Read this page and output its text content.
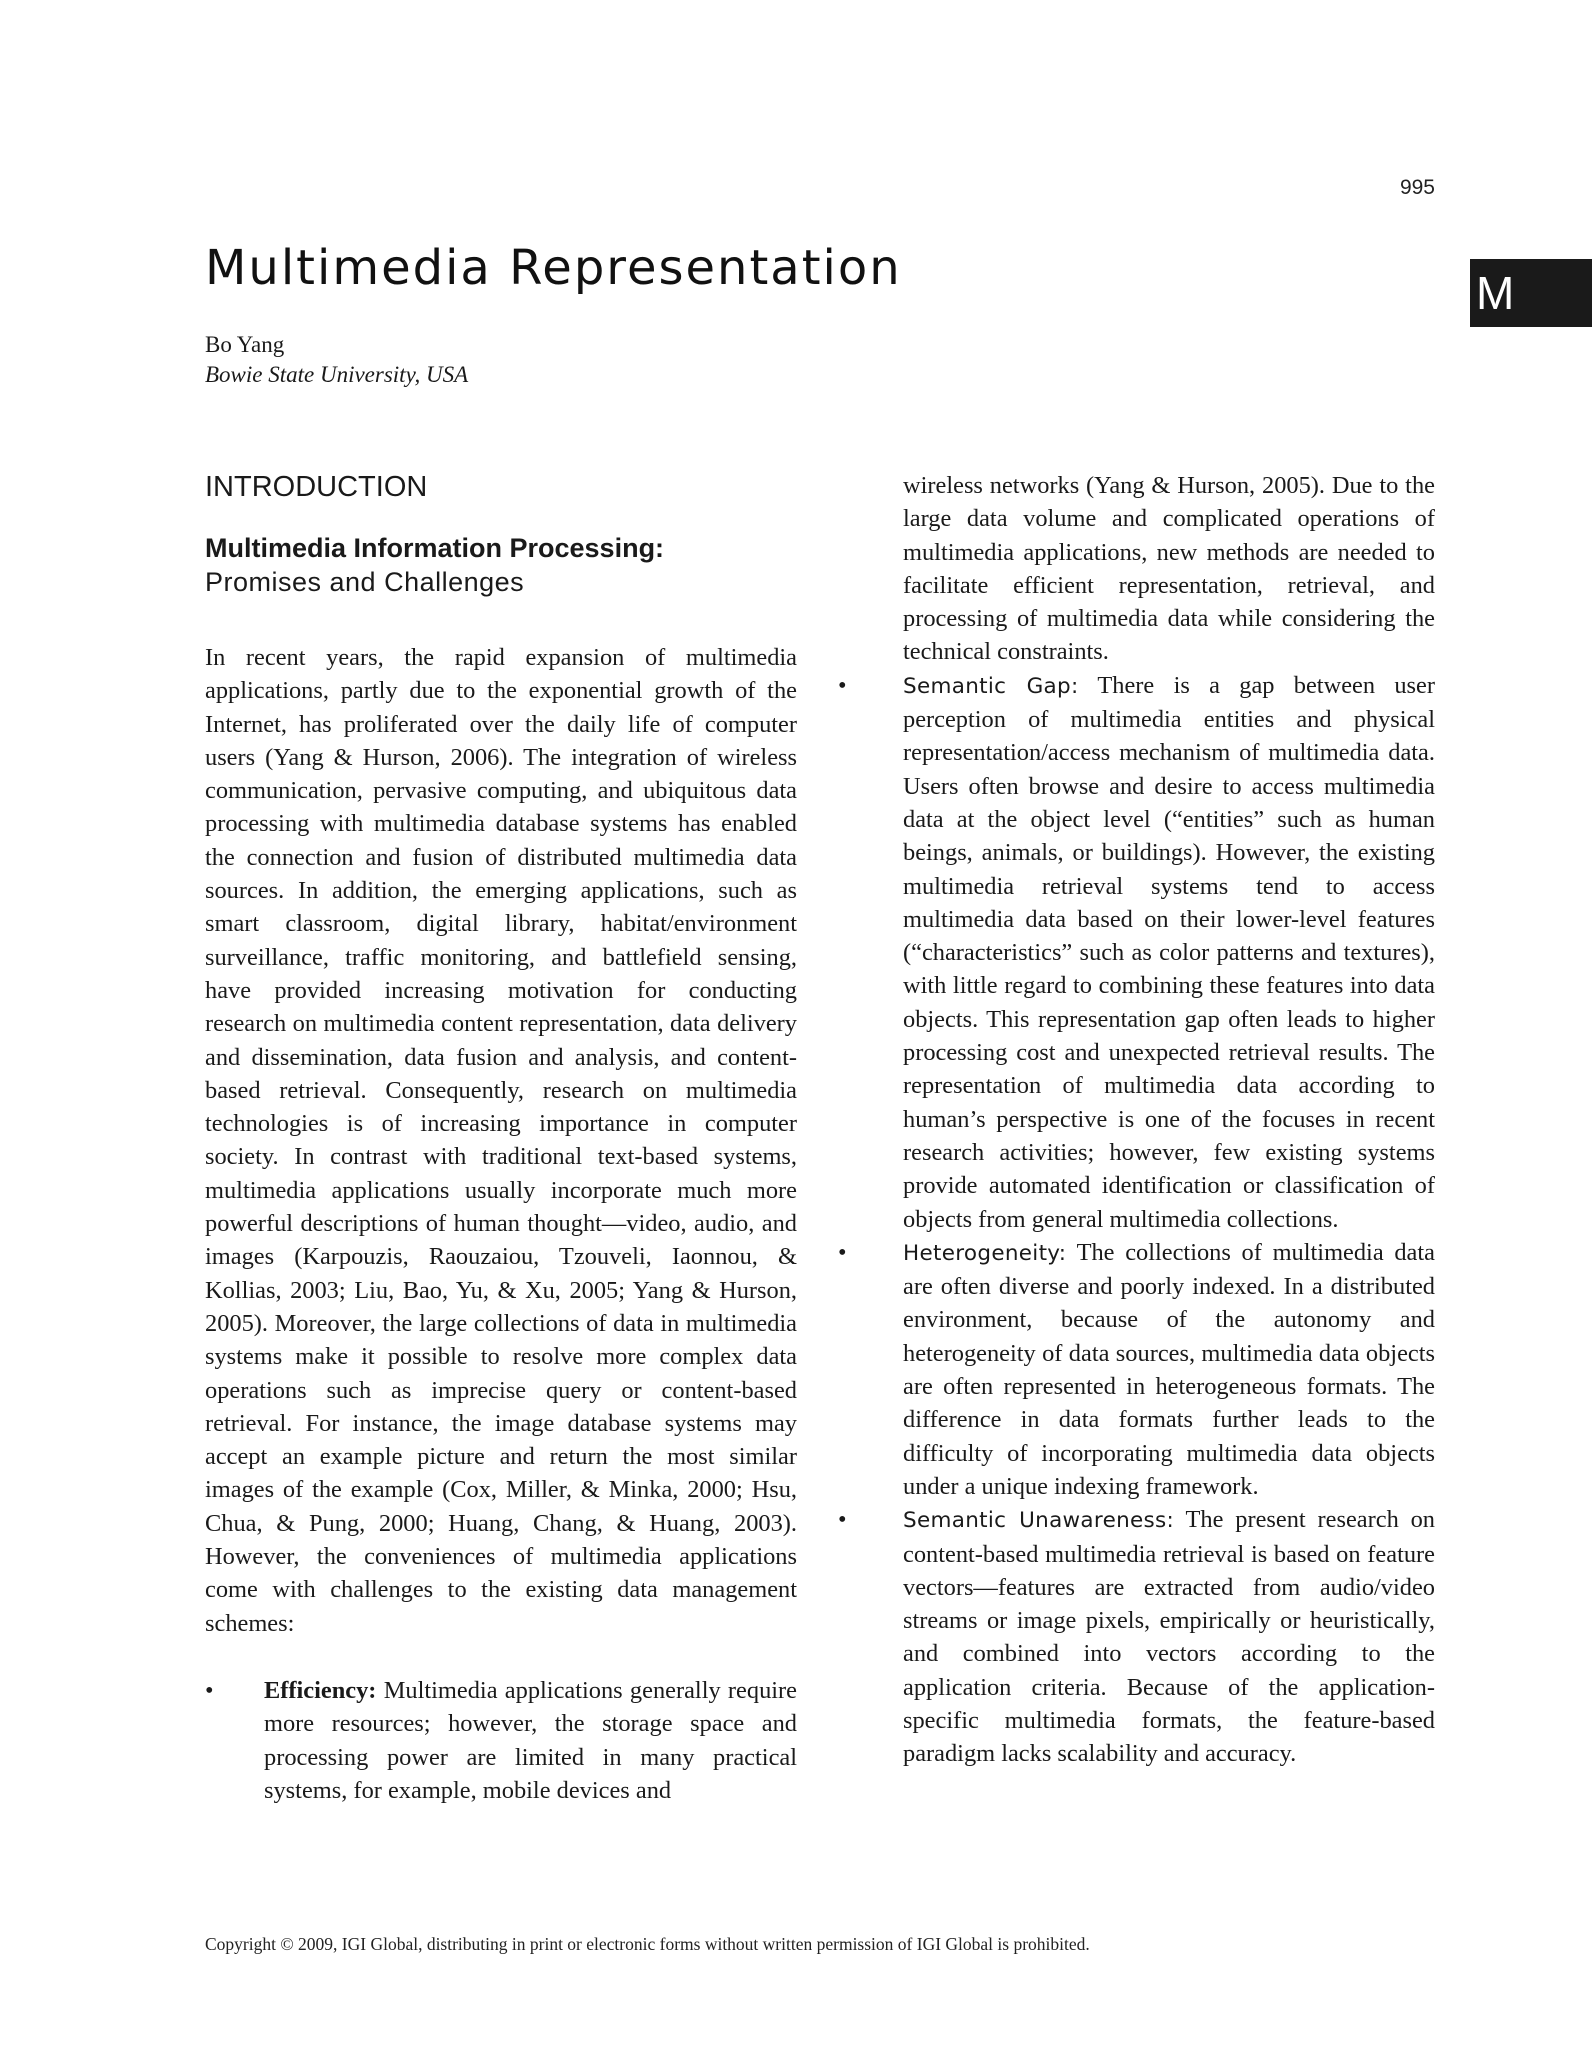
995
M
Multimedia Representation
Bo Yang
Bowie State University, USA
INTRODUCTION
Multimedia Information Processing:
Promises and Challenges

In recent years, the rapid expansion of multimedia applications, partly due to the exponential growth of the Internet, has proliferated over the daily life of computer users (Yang & Hurson, 2006). The integration of wireless communication, pervasive computing, and ubiquitous data processing with multimedia database systems has enabled the connection and fusion of distributed multimedia data sources. In addition, the emerging applications, such as smart classroom, digital library, habitat/environment surveillance, traffic monitoring, and battlefield sensing, have provided increasing motivation for conducting research on multimedia content representation, data delivery and dissemination, data fusion and analysis, and content-based retrieval. Consequently, research on multimedia technologies is of increasing importance in computer society. In contrast with traditional text-based systems, multimedia applications usually incorporate much more powerful descriptions of human thought—video, audio, and images (Karpouzis, Raouzaiou, Tzouveli, Iaonnou, & Kollias, 2003; Liu, Bao, Yu, & Xu, 2005; Yang & Hurson, 2005). Moreover, the large collections of data in multimedia systems make it possible to resolve more complex data operations such as imprecise query or content-based retrieval. For instance, the image database systems may accept an example picture and return the most similar images of the example (Cox, Miller, & Minka, 2000; Hsu, Chua, & Pung, 2000; Huang, Chang, & Huang, 2003). However, the conveniences of multimedia applications come with challenges to the existing data management schemes:

• Efficiency: Multimedia applications generally require more resources; however, the storage space and processing power are limited in many practical systems, for example, mobile devices and
wireless networks (Yang & Hurson, 2005). Due to the large data volume and complicated operations of multimedia applications, new methods are needed to facilitate efficient representation, retrieval, and processing of multimedia data while considering the technical constraints.
• Semantic Gap: There is a gap between user perception of multimedia entities and physical representation/access mechanism of multimedia data. Users often browse and desire to access multimedia data at the object level (“entities” such as human beings, animals, or buildings). However, the existing multimedia retrieval systems tend to access multimedia data based on their lower-level features (“characteristics” such as color patterns and textures), with little regard to combining these features into data objects. This representation gap often leads to higher processing cost and unexpected retrieval results. The representation of multimedia data according to human’s perspective is one of the focuses in recent research activities; however, few existing systems provide automated identification or classification of objects from general multimedia collections.
• Heterogeneity: The collections of multimedia data are often diverse and poorly indexed. In a distributed environment, because of the autonomy and heterogeneity of data sources, multimedia data objects are often represented in heterogeneous formats. The difference in data formats further leads to the difficulty of incorporating multimedia data objects under a unique indexing framework.
• Semantic Unawareness: The present research on content-based multimedia retrieval is based on feature vectors—features are extracted from audio/video streams or image pixels, empirically or heuristically, and combined into vectors according to the application criteria. Because of the application-specific multimedia formats, the feature-based paradigm lacks scalability and accuracy.
Copyright © 2009, IGI Global, distributing in print or electronic forms without written permission of IGI Global is prohibited.
